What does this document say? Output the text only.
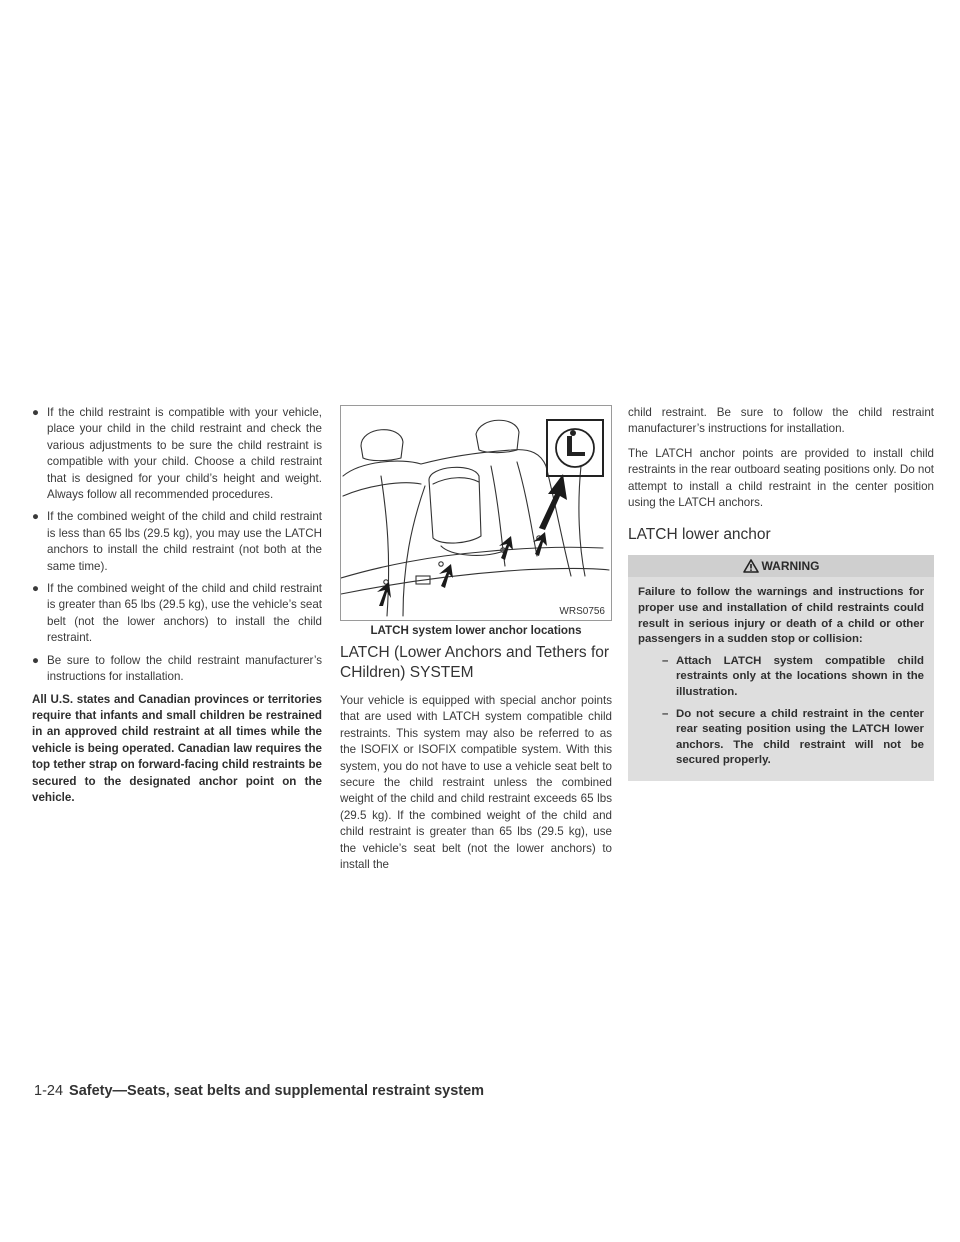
● If the child restraint is compatible with your vehicle, place your child in the child restraint and check the various adjustments to be sure the child restraint is compatible with your child. Choose a child restraint that is designed for your child’s height and weight. Always follow all recommended procedures.
● If the combined weight of the child and child restraint is less than 65 lbs (29.5 kg), you may use the LATCH anchors to install the child restraint (not both at the same time).
● If the combined weight of the child and child restraint is greater than 65 lbs (29.5 kg), use the vehicle’s seat belt (not the lower anchors) to install the child restraint.
● Be sure to follow the child restraint manufacturer’s instructions for installation.

All U.S. states and Canadian provinces or territories require that infants and small children be restrained in an approved child restraint at all times while the vehicle is being operated. Canadian law requires the top tether strap on forward-facing child restraints be secured to the designated anchor point on the vehicle.

WRS0756
LATCH system lower anchor locations
LATCH (Lower Anchors and Tethers for CHildren) SYSTEM

Your vehicle is equipped with special anchor points that are used with LATCH system compatible child restraints. This system may also be referred to as the ISOFIX or ISOFIX compatible system. With this system, you do not have to use a vehicle seat belt to secure the child restraint unless the combined weight of the child and child restraint exceeds 65 lbs (29.5 kg). If the combined weight of the child and child restraint is greater than 65 lbs (29.5 kg), use the vehicle’s seat belt (not the lower anchors) to install the

child restraint. Be sure to follow the child restraint manufacturer’s instructions for installation.

The LATCH anchor points are provided to install child restraints in the rear outboard seating positions only. Do not attempt to install a child restraint in the center position using the LATCH anchors.

LATCH lower anchor
WARNING
Failure to follow the warnings and instructions for proper use and installation of child restraints could result in serious injury or death of a child or other passengers in a sudden stop or collision:
– Attach LATCH system compatible child restraints only at the locations shown in the illustration.
– Do not secure a child restraint in the center rear seating position using the LATCH lower anchors. The child restraint will not be secured properly.
1-24 Safety—Seats, seat belts and supplemental restraint system
